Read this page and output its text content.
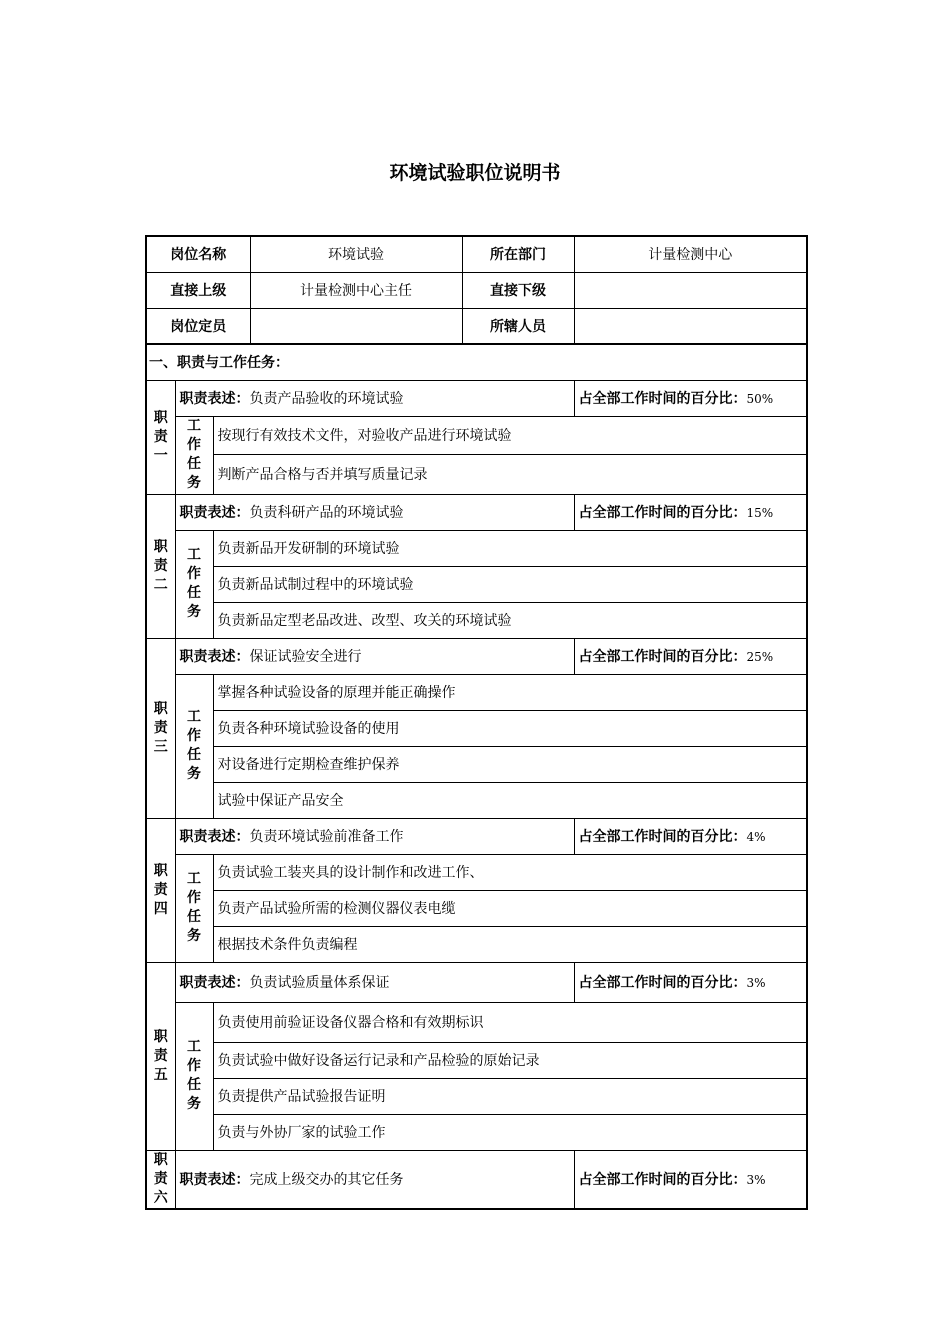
环境试验职位说明书
岗位名称			环境试验	所在部门	计量检测中心
直接上级			计量检测中心主任	直接下级	
岗位定员				所辖人员	
一、职责与工作任务：					
职
责
一	职责表述：负责产品验收的环境试验				占全部工作时间的百分比：50%
	工
作
任
务	按现行有效技术文件，对验收产品进行环境试验			
		判断产品合格与否并填写质量记录			
职
责
二	职责表述：负责科研产品的环境试验				占全部工作时间的百分比：15%
	工
作
任
务	负责新品开发研制的环境试验			
		负责新品试制过程中的环境试验			
		负责新品定型老品改进、改型、攻关的环境试验			
职
责
三	职责表述：保证试验安全进行				占全部工作时间的百分比：25%
	工
作
任
务	掌握各种试验设备的原理并能正确操作			
		负责各种环境试验设备的使用			
		对设备进行定期检查维护保养			
		试验中保证产品安全			
职
责
四	职责表述：负责环境试验前准备工作				占全部工作时间的百分比：4%
	工
作
任
务	负责试验工装夹具的设计制作和改进工作、			
		负责产品试验所需的检测仪器仪表电缆			
		根据技术条件负责编程			
职
责
五	职责表述：负责试验质量体系保证				占全部工作时间的百分比：3%
	工
作
任
务	负责使用前验证设备仪器合格和有效期标识			
		负责试验中做好设备运行记录和产品检验的原始记录			
		负责提供产品试验报告证明			
		负责与外协厂家的试验工作			
职
责
六	职责表述：完成上级交办的其它任务				占全部工作时间的百分比：3%
